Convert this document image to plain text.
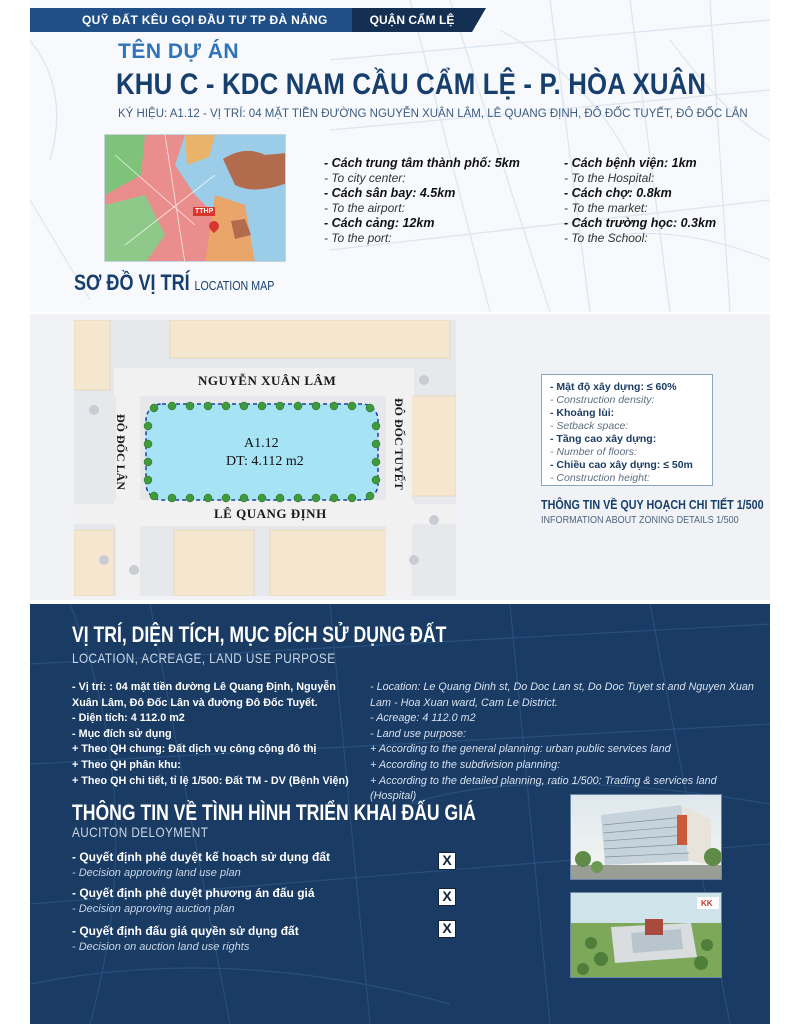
QUỸ ĐẤT KÊU GỌI ĐẦU TƯ TP ĐÀ NẴNG	QUẬN CẨM LỆ
TÊN DỰ ÁN
KHU C - KDC NAM CẦU CẨM LỆ - P. HÒA XUÂN
KÝ HIỆU: A1.12 - VỊ TRÍ: 04 MẶT TIỀN ĐƯỜNG NGUYỄN XUÂN LÂM, LÊ QUANG ĐỊNH, ĐÔ ĐỐC TUYẾT, ĐÔ ĐỐC LÂN
TTHP
- Cách trung tâm thành phố: 5km
- To city center:
- Cách sân bay: 4.5km
- To the airport:
- Cách cảng: 12km
- To the port:
- Cách bệnh viện: 1km
- To the Hospital:
- Cách chợ: 0.8km
- To the market:
- Cách trường học: 0.3km
- To the School:
SƠ ĐỒ VỊ TRÍ LOCATION MAP
NGUYỄN XUÂN LÂM
LÊ QUANG ĐỊNH
ĐÔ ĐỐC LÂN	ĐÔ ĐỐC TUYẾT
A1.12
DT: 4.112 m2
- Mật độ xây dựng: ≤ 60%
- Construction density:
- Khoảng lùi:
- Setback space:
- Tầng cao xây dựng:
- Number of floors:
- Chiều cao xây dựng: ≤ 50m
- Construction height:
THÔNG TIN VỀ QUY HOẠCH CHI TIẾT 1/500
INFORMATION ABOUT ZONING DETAILS 1/500
VỊ TRÍ, DIỆN TÍCH, MỤC ĐÍCH SỬ DỤNG ĐẤT
LOCATION, ACREAGE, LAND USE PURPOSE
- Vị trí: : 04 mặt tiền đường Lê Quang Định, Nguyễn Xuân Lâm, Đô Đốc Lân và đường Đô Đốc Tuyết.
- Diện tích: 4 112.0 m2
- Mục đích sử dụng
+ Theo QH chung: Đất dịch vụ công cộng đô thị
+ Theo QH phân khu:
+ Theo QH chi tiết, tỉ lệ 1/500: Đất TM - DV (Bệnh Viện)
- Location: Le Quang Dinh st, Do Doc Lan st, Do Doc Tuyet st and Nguyen Xuan Lam - Hoa Xuan ward, Cam Le District.
- Acreage: 4 112.0 m2
- Land use purpose:
+ According to the general planning: urban public services land
+ According to the subdivision planning:
+ According to the detailed planning, ratio 1/500: Trading & services land (Hospital)
THÔNG TIN VỀ TÌNH HÌNH TRIỂN KHAI ĐẤU GIÁ
AUCITON DELOYMENT
- Quyết định phê duyệt kế hoạch sử dụng đất
- Decision approving land use plan
X
- Quyết định phê duyệt phương án đấu giá
- Decision approving auction plan
X
- Quyết định đấu giá quyền sử dụng đất
- Decision on auction land use rights
X
KK
